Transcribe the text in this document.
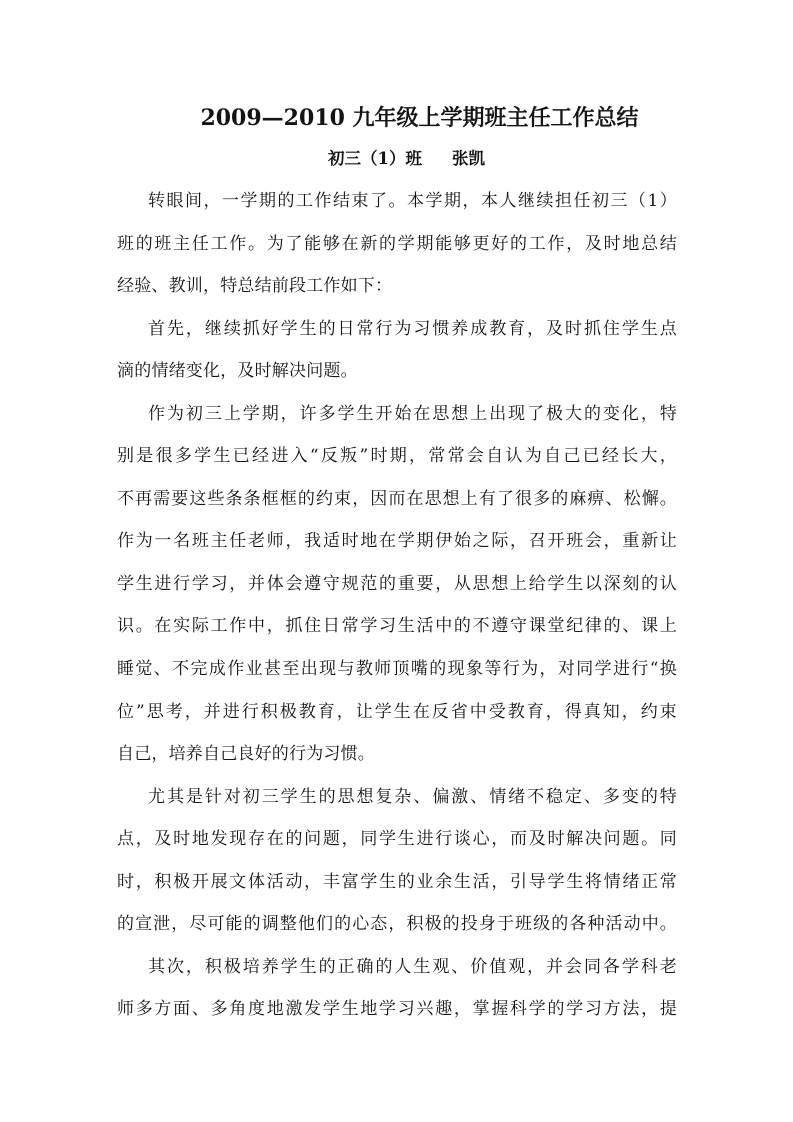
2009—2010 九年级上学期班主任工作总结
初三（1）班 张凯
转眼间，一学期的工作结束了。本学期，本人继续担任初三（1）
班的班主任工作。为了能够在新的学期能够更好的工作，及时地总结
经验、教训，特总结前段工作如下：
首先，继续抓好学生的日常行为习惯养成教育，及时抓住学生点
滴的情绪变化，及时解决问题。
作为初三上学期，许多学生开始在思想上出现了极大的变化，特
别是很多学生已经进入“反叛”时期，常常会自认为自己已经长大，
不再需要这些条条框框的约束，因而在思想上有了很多的麻痹、松懈。
作为一名班主任老师，我适时地在学期伊始之际，召开班会，重新让
学生进行学习，并体会遵守规范的重要，从思想上给学生以深刻的认
识。在实际工作中，抓住日常学习生活中的不遵守课堂纪律的、课上
睡觉、不完成作业甚至出现与教师顶嘴的现象等行为，对同学进行“换
位”思考，并进行积极教育，让学生在反省中受教育，得真知，约束
自己，培养自己良好的行为习惯。
尤其是针对初三学生的思想复杂、偏激、情绪不稳定、多变的特
点，及时地发现存在的问题，同学生进行谈心，而及时解决问题。同
时，积极开展文体活动，丰富学生的业余生活，引导学生将情绪正常
的宣泄，尽可能的调整他们的心态，积极的投身于班级的各种活动中。
其次，积极培养学生的正确的人生观、价值观，并会同各学科老
师多方面、多角度地激发学生地学习兴趣，掌握科学的学习方法，提
